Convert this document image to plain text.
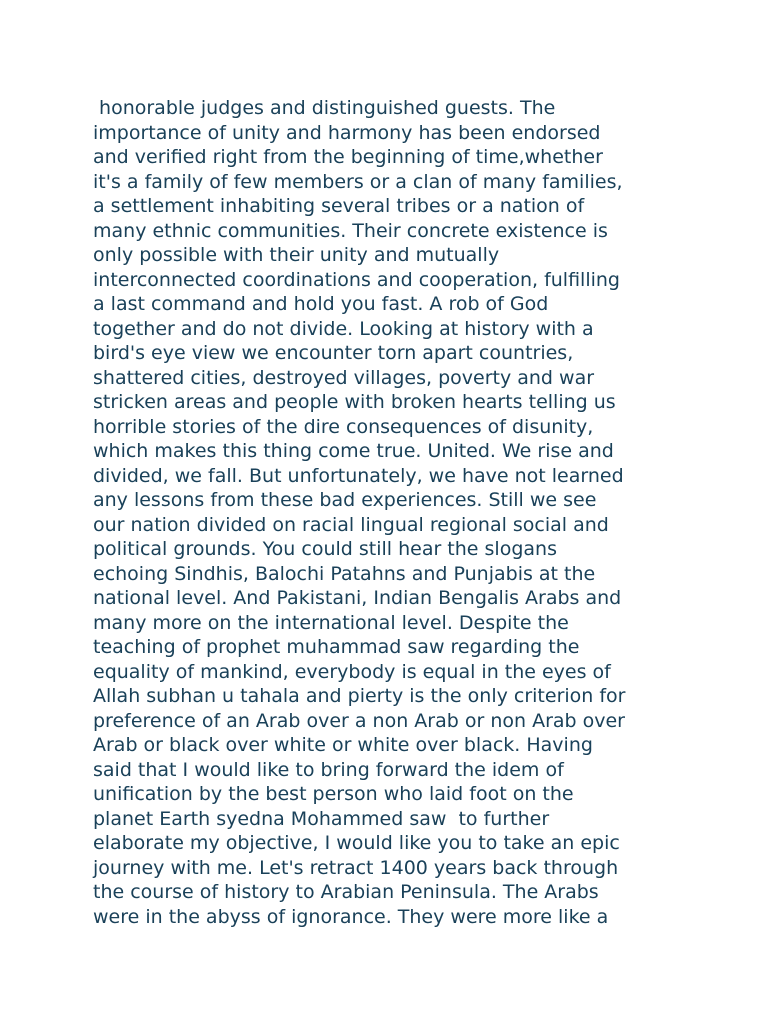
honorable judges and distinguished guests. The
importance of unity and harmony has been endorsed
and verified right from the beginning of time,whether
it's a family of few members or a clan of many families,
a settlement inhabiting several tribes or a nation of
many ethnic communities. Their concrete existence is
only possible with their unity and mutually
interconnected coordinations and cooperation, fulfilling
a last command and hold you fast. A rob of God
together and do not divide. Looking at history with a
bird's eye view we encounter torn apart countries,
shattered cities, destroyed villages, poverty and war
stricken areas and people with broken hearts telling us
horrible stories of the dire consequences of disunity,
which makes this thing come true. United. We rise and
divided, we fall. But unfortunately, we have not learned
any lessons from these bad experiences. Still we see
our nation divided on racial lingual regional social and
political grounds. You could still hear the slogans
echoing Sindhis, Balochi Patahns and Punjabis at the
national level. And Pakistani, Indian Bengalis Arabs and
many more on the international level. Despite the
teaching of prophet muhammad saw regarding the
equality of mankind, everybody is equal in the eyes of
Allah subhan u tahala and pierty is the only criterion for
preference of an Arab over a non Arab or non Arab over
Arab or black over white or white over black. Having
said that I would like to bring forward the idem of
unification by the best person who laid foot on the
planet Earth syedna Mohammed saw  to further
elaborate my objective, I would like you to take an epic
journey with me. Let's retract 1400 years back through
the course of history to Arabian Peninsula. The Arabs
were in the abyss of ignorance. They were more like a
